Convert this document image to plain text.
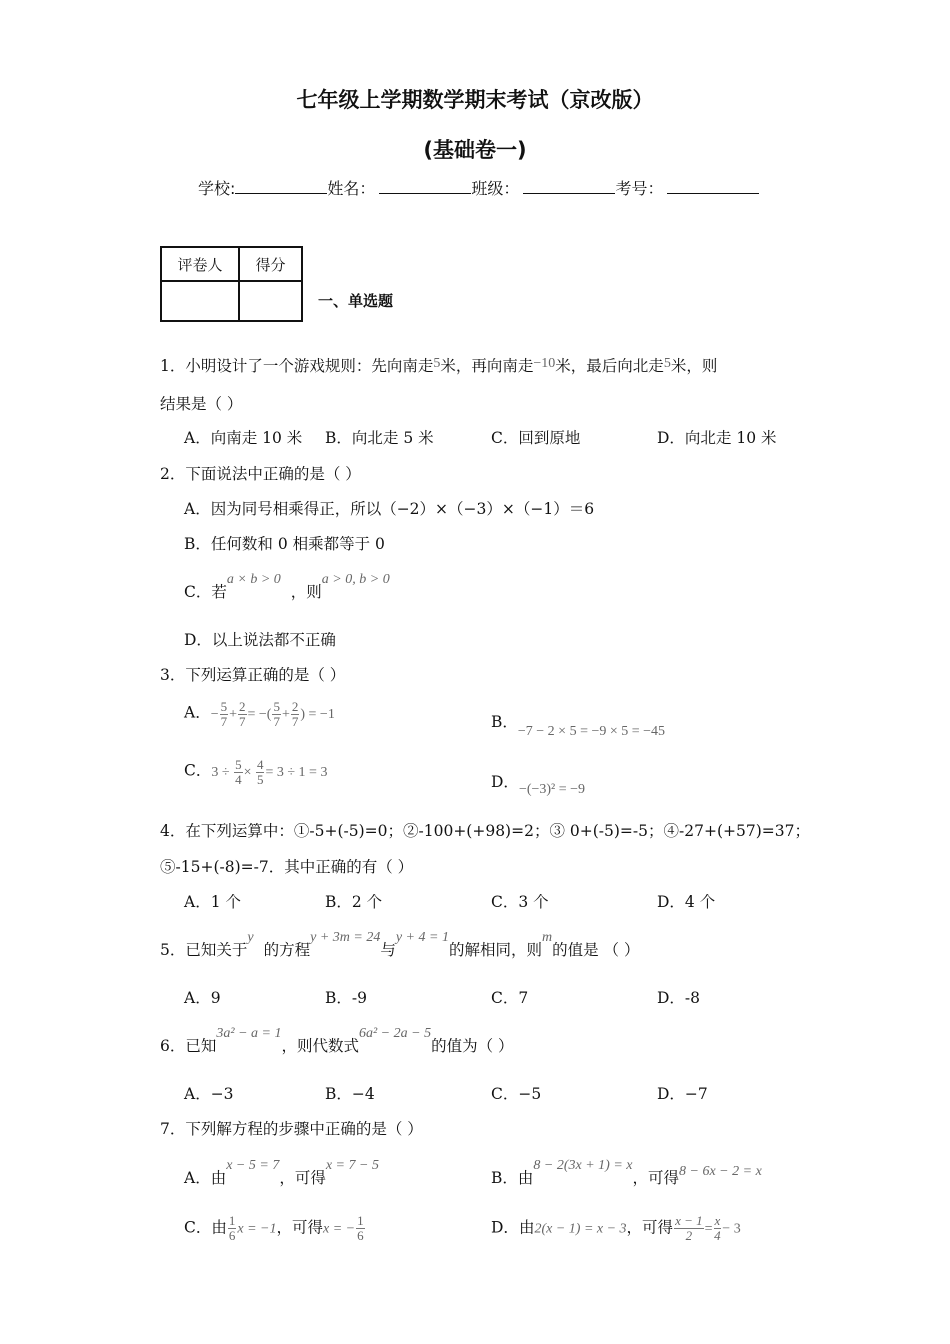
七年级上学期数学期末考试（京改版）
(基础卷一)
学校:	姓名：	班级：	考号：
评卷人	得分

一、单选题
1．小明设计了一个游戏规则：先向南走5米，再向南走−10米，最后向北走5米，则
结果是（ ）
A．向南走 10 米 B．向北走 5 米	C．回到原地	D．向北走 10 米
2．下面说法中正确的是（ ）
A．因为同号相乘得正，所以（−2）×（−3）×（−1）＝6
B．任何数和 0 相乘都等于 0
C．若a × b > 0，则a > 0, b > 0
D．以上说法都不正确
3．下列运算正确的是（ ）
A．− $\frac{5}{7} + \frac{2}{7}$ = −( $\frac{5}{7} + \frac{2}{7}$ ) = −1	B．−7 − 2 × 5 = −9 × 5 = −45
C．$3 \div \frac{5}{4} \times \frac{4}{5} = 3 \div 1 = 3$
D．−(−3)² = −9
4．在下列运算中：①-5+(-5)=0；②-100+(+98)=2；③ 0+(-5)=-5；④-27+(+57)=37；
⑤-15+(-8)=-7．其中正确的有（ ）
A．1 个	B．2 个	C．3 个	D．4 个
5．已知关于y的方程y + 3m = 24与y + 4 = 1的解相同，则m的值是 （ ）
A．9	B．-9	C．7	D．-8
6．已知3a² − a = 1，则代数式6a² − 2a − 5的值为（ ）
A．−3	B．−4	C．−5	D．−7
7．下列解方程的步骤中正确的是（ ）
A．由x − 5 = 7，可得x = 7 − 5
B．由8 − 2(3x + 1) = x，可得8 − 6x − 2 = x
C．由 $\frac{1}{6}$ x = −1，可得x = − $\frac{1}{6}$	D．由2(x − 1) = x − 3，可得 $\frac{x - 1}{2} = \frac{x}{4} - 3$
